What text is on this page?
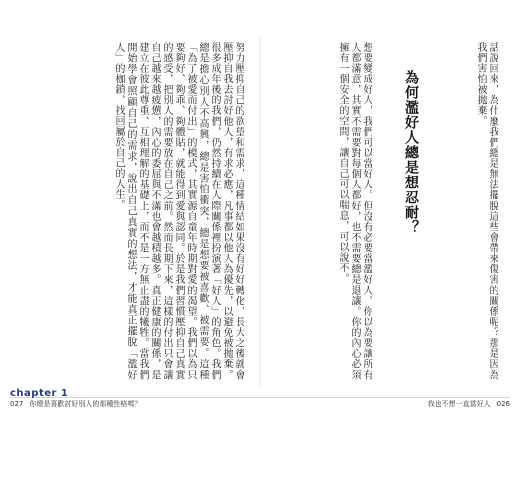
努力壓抑自己的欲望和需求，這種情結如果沒有好好轉化，長大之後就會壓抑自我去討好他人，有求必應，凡事都以他人為優先，以避免被拋棄。很多成年後的我們，仍然持續在人際關係裡扮演著「好人」的角色。我們總是擔心別人不高興，總是害怕衝突，總是想要被喜歡、被需要。這種「為了被愛而付出」的模式，其實源自童年時期對愛的渴望。我們以為只要夠好、夠乖、夠體貼，就能得到愛與認同。於是我們習慣壓抑自己真實的感受，把別人的需要放在自己之前。然而長期下來，這樣的付出只會讓自己越來越疲憊，內心的委屈與不滿也會越積越多。真正健康的關係，是建立在彼此尊重、互相理解的基礎上，而不是一方無止盡的犧牲。當我們開始學會照顧自己的需求，說出自己真實的想法，才能真正擺脫「濫好人」的枷鎖，找回屬於自己的人生。	想要變成好人，我們可以當好人。但沒有必要當濫好人。你以為要讓所有人都滿意，其實不需要對每個人都好，也不需要總是退讓。你的內心必須擁有一個安全的空間，讓自己可以喘息，可以說不。	為何濫好人總是想忍耐？	話說回來，為什麼我們總是無法擺脫這些會帶來傷害的關係呢？那是因為我們害怕被拋棄。
chapter 1
027 你總是喜歡討好別人的那種性格嗎？	我也不想一直當好人 026
